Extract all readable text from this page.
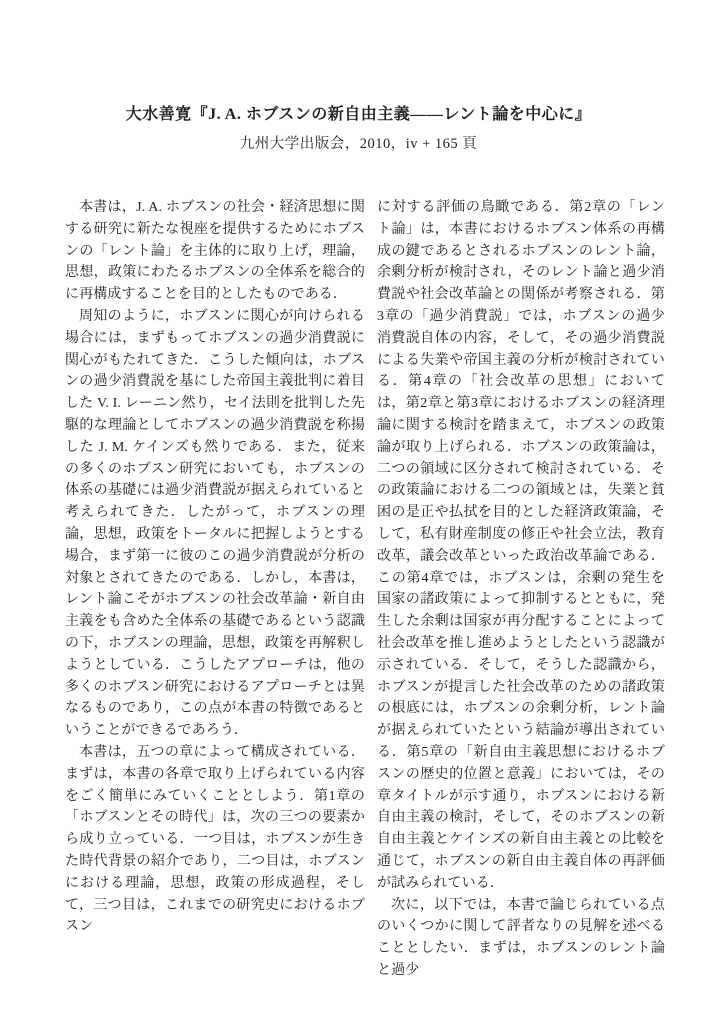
大水善寛『J. A. ホブスンの新自由主義——レント論を中心に』
九州大学出版会，2010，iv + 165 頁

本書は，J. A. ホブスンの社会・経済思想に関する研究に新たな視座を提供するためにホブスンの「レント論」を主体的に取り上げ，理論，思想，政策にわたるホブスンの全体系を総合的に再構成することを目的としたものである．

周知のように，ホブスンに関心が向けられる場合には，まずもってホブスンの過少消費説に関心がもたれてきた．こうした傾向は，ホブスンの過少消費説を基にした帝国主義批判に着目した V. I. レーニン然り，セイ法則を批判した先駆的な理論としてホブスンの過少消費説を称揚した J. M. ケインズも然りである．また，従来の多くのホブスン研究においても，ホブスンの体系の基礎には過少消費説が据えられていると考えられてきた．したがって，ホブスンの理論，思想，政策をトータルに把握しようとする場合，まず第一に彼のこの過少消費説が分析の対象とされてきたのである．しかし，本書は，レント論こそがホブスンの社会改革論・新自由主義をも含めた全体系の基礎であるという認識の下，ホブスンの理論，思想，政策を再解釈しようとしている．こうしたアプローチは，他の多くのホブスン研究におけるアプローチとは異なるものであり，この点が本書の特徴であるということができるであろう．

本書は，五つの章によって構成されている．まずは，本書の各章で取り上げられている内容をごく簡単にみていくこととしよう．第1章の「ホブスンとその時代」は，次の三つの要素から成り立っている．一つ目は，ホブスンが生きた時代背景の紹介であり，二つ目は，ホブスンにおける理論，思想，政策の形成過程，そして，三つ目は，これまでの研究史におけるホブスン

に対する評価の鳥瞰である．第2章の「レント論」は，本書におけるホブスン体系の再構成の鍵であるとされるホブスンのレント論，余剰分析が検討され，そのレント論と過少消費説や社会改革論との関係が考察される．第3章の「過少消費説」では，ホブスンの過少消費説自体の内容，そして，その過少消費説による失業や帝国主義の分析が検討されている．第4章の「社会改革の思想」においては，第2章と第3章におけるホブスンの経済理論に関する検討を踏まえて，ホブスンの政策論が取り上げられる．ホブスンの政策論は，二つの領域に区分されて検討されている．その政策論における二つの領域とは，失業と貧困の是正や払拭を目的とした経済政策論，そして，私有財産制度の修正や社会立法，教育改革，議会改革といった政治改革論である．この第4章では，ホブスンは，余剰の発生を国家の諸政策によって抑制するとともに，発生した余剰は国家が再分配することによって社会改革を推し進めようとしたという認識が示されている．そして，そうした認識から，ホブスンが提言した社会改革のための諸政策の根底には，ホブスンの余剰分析，レント論が据えられていたという結論が導出されている．第5章の「新自由主義思想におけるホブスンの歴史的位置と意義」においては，その章タイトルが示す通り，ホブスンにおける新自由主義の検討，そして，そのホブスンの新自由主義とケインズの新自由主義との比較を通じて，ホブスンの新自由主義自体の再評価が試みられている．

次に，以下では，本書で論じられている点のいくつかに関して評者なりの見解を述べることとしたい．まずは，ホブスンのレント論と過少
